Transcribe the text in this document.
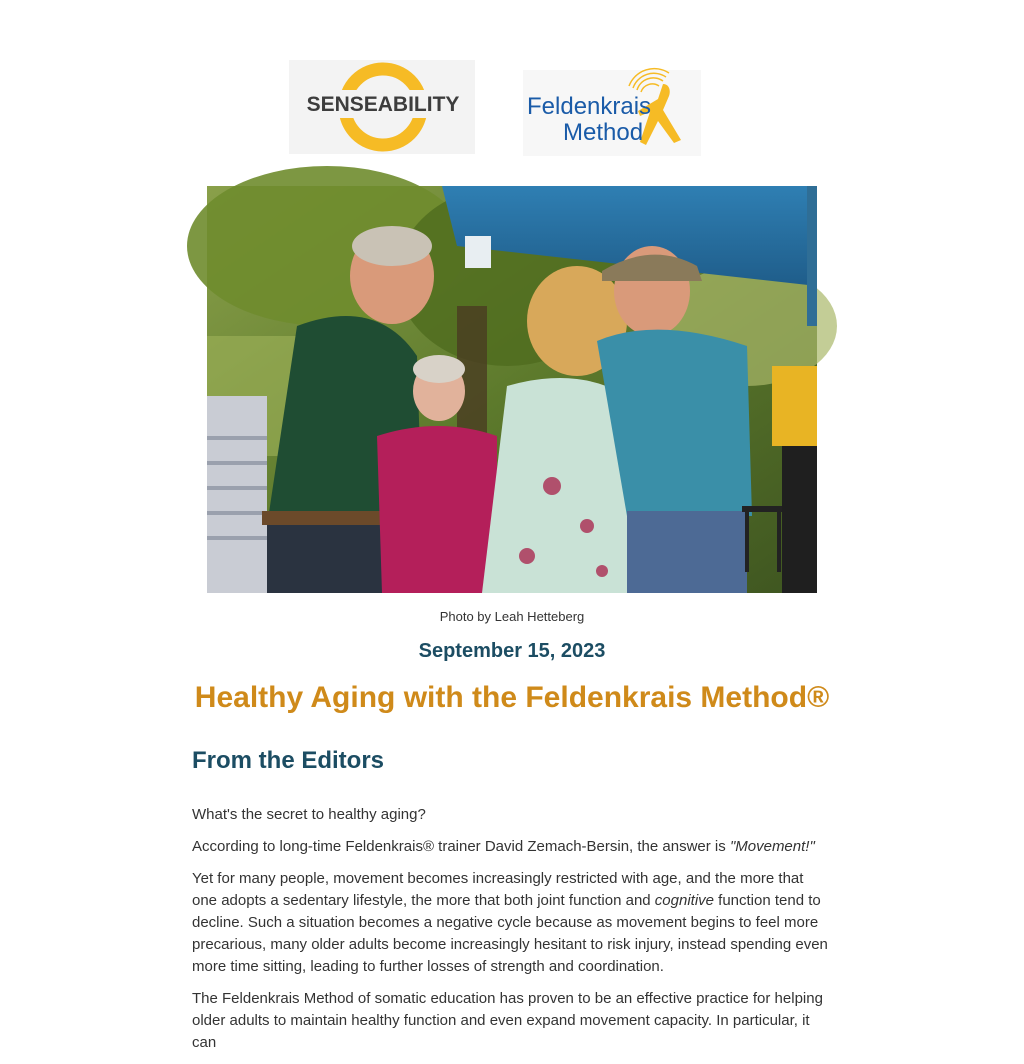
SENSEABILITY	Feldenkrais
Method
Photo by Leah Hetteberg
September 15, 2023
Healthy Aging with the Feldenkrais Method®
From the Editors

What's the secret to healthy aging?

According to long-time Feldenkrais® trainer David Zemach-Bersin, the answer is "Movement!"

Yet for many people, movement becomes increasingly restricted with age, and the more that one adopts a sedentary lifestyle, the more that both joint function and cognitive function tend to decline. Such a situation becomes a negative cycle because as movement begins to feel more precarious, many older adults become increasingly hesitant to risk injury, instead spending even more time sitting, leading to further losses of strength and coordination.

The Feldenkrais Method of somatic education has proven to be an effective practice for helping older adults to maintain healthy function and even expand movement capacity. In particular, it can
